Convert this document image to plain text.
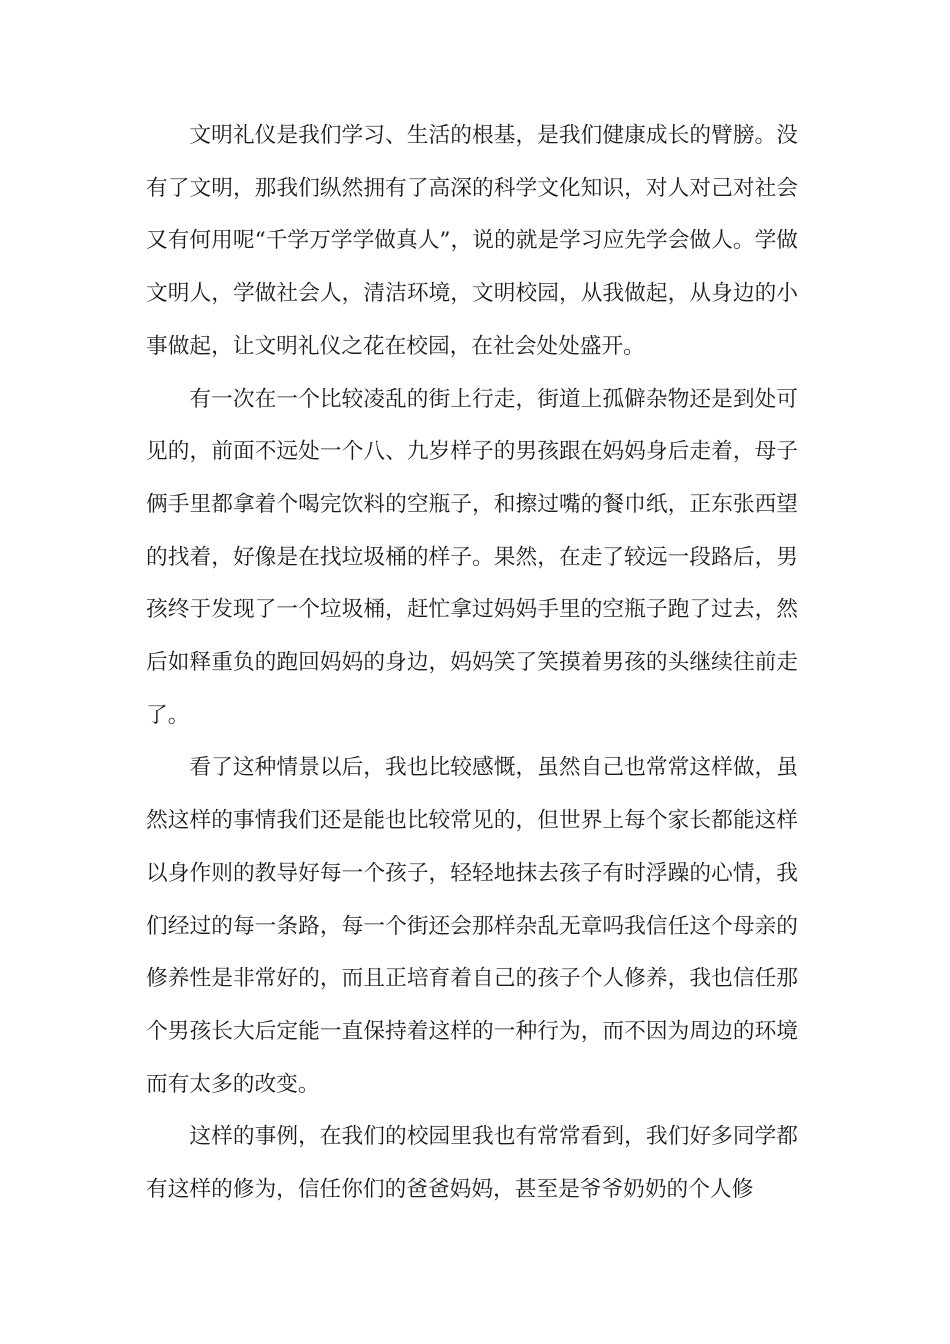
文明礼仪是我们学习、生活的根基，是我们健康成长的臂膀。没有了文明，那我们纵然拥有了高深的科学文化知识，对人对己对社会又有何用呢“千学万学学做真人”，说的就是学习应先学会做人。学做文明人，学做社会人，清洁环境，文明校园，从我做起，从身边的小事做起，让文明礼仪之花在校园，在社会处处盛开。

有一次在一个比较凌乱的街上行走，街道上孤僻杂物还是到处可见的，前面不远处一个八、九岁样子的男孩跟在妈妈身后走着，母子俩手里都拿着个喝完饮料的空瓶子，和擦过嘴的餐巾纸，正东张西望的找着，好像是在找垃圾桶的样子。果然，在走了较远一段路后，男孩终于发现了一个垃圾桶，赶忙拿过妈妈手里的空瓶子跑了过去，然后如释重负的跑回妈妈的身边，妈妈笑了笑摸着男孩的头继续往前走了。

看了这种情景以后，我也比较感慨，虽然自己也常常这样做，虽然这样的事情我们还是能也比较常见的，但世界上每个家长都能这样以身作则的教导好每一个孩子，轻轻地抹去孩子有时浮躁的心情，我们经过的每一条路，每一个街还会那样杂乱无章吗我信任这个母亲的修养性是非常好的，而且正培育着自己的孩子个人修养，我也信任那个男孩长大后定能一直保持着这样的一种行为，而不因为周边的环境而有太多的改变。

这样的事例，在我们的校园里我也有常常看到，我们好多同学都有这样的修为，信任你们的爸爸妈妈，甚至是爷爷奶奶的个人修
